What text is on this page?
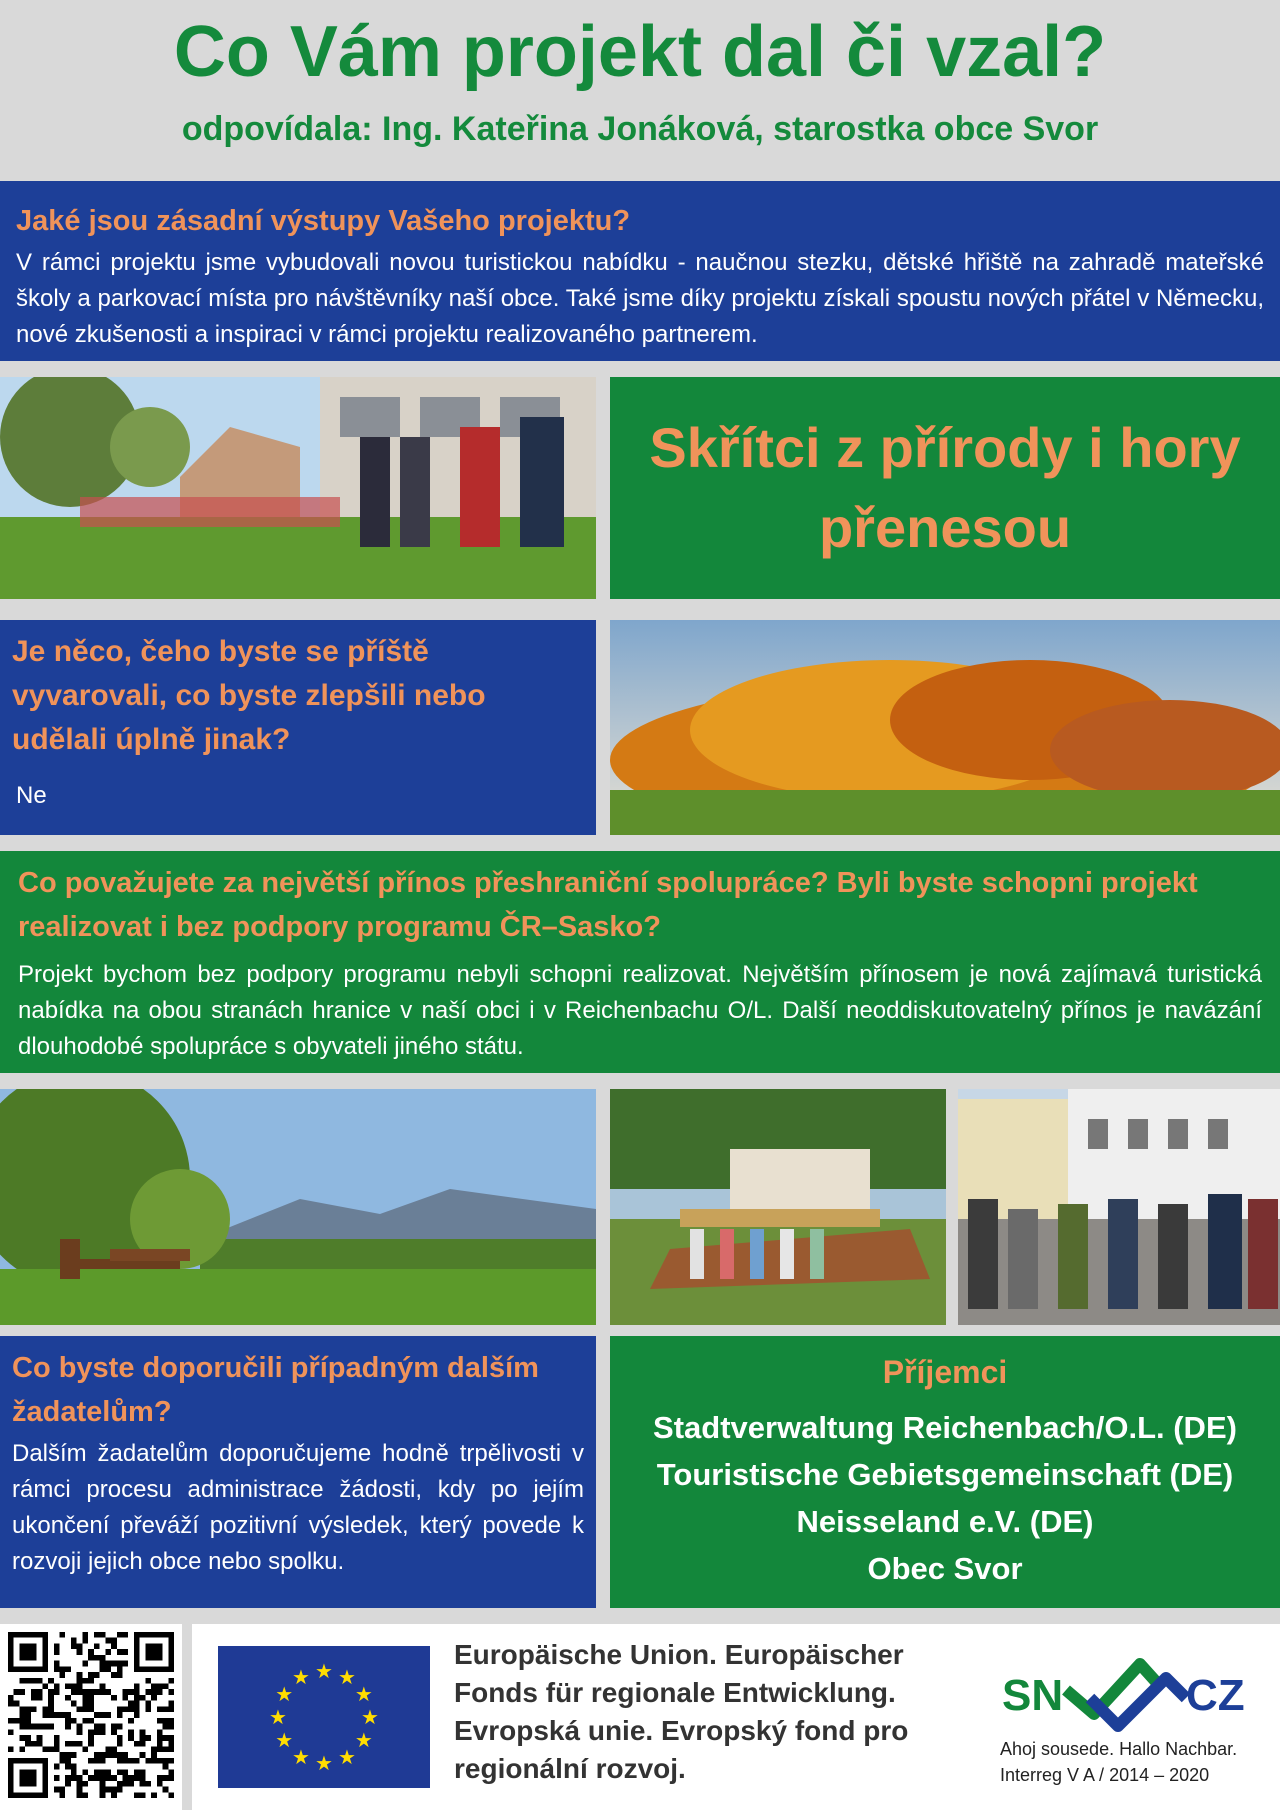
Co Vám projekt dal či vzal?
odpovídala: Ing. Kateřina Jonáková, starostka obce Svor
Jaké jsou zásadní výstupy Vašeho projektu?
V rámci projektu jsme vybudovali novou turistickou nabídku - naučnou stezku, dětské hřiště na zahradě mateřské školy a parkovací místa pro návštěvníky naší obce. Také jsme díky projektu získali spoustu nových přátel v Německu, nové zkušenosti a inspiraci v rámci projektu realizovaného partnerem.
Skřítci z přírody i hory přenesou
Je něco, čeho byste se příště vyvarovali, co byste zlepšili nebo udělali úplně jinak?
Ne
Co považujete za největší přínos přeshraniční spolupráce? Byli byste schopni projekt realizovat i bez podpory programu ČR–Sasko?
Projekt bychom bez podpory programu nebyli schopni realizovat. Největším přínosem je nová zajímavá turistická nabídka na obou stranách hranice v naší obci i v Reichenbachu O/L. Další neoddiskutovatelný přínos je navázání dlouhodobé spolupráce s obyvateli jiného státu.
Co byste doporučili případným dalším žadatelům?
Dalším žadatelům doporučujeme hodně trpělivosti v rámci procesu administrace žádosti, kdy po jejím ukončení převáží pozitivní výsledek, který povede k rozvoji jejich obce nebo spolku.
Příjemci
Stadtverwaltung Reichenbach/O.L. (DE)
Touristische Gebietsgemeinschaft (DE)
Neisseland e.V. (DE)
Obec Svor
★ ★
★
★
★
★
★
★
★
★
★
★
Europäische Union. Europäischer Fonds für regionale Entwicklung. Evropská unie. Evropský fond pro regionální rozvoj.
SN	CZ
Ahoj sousede. Hallo Nachbar.
Interreg V A / 2014 – 2020
